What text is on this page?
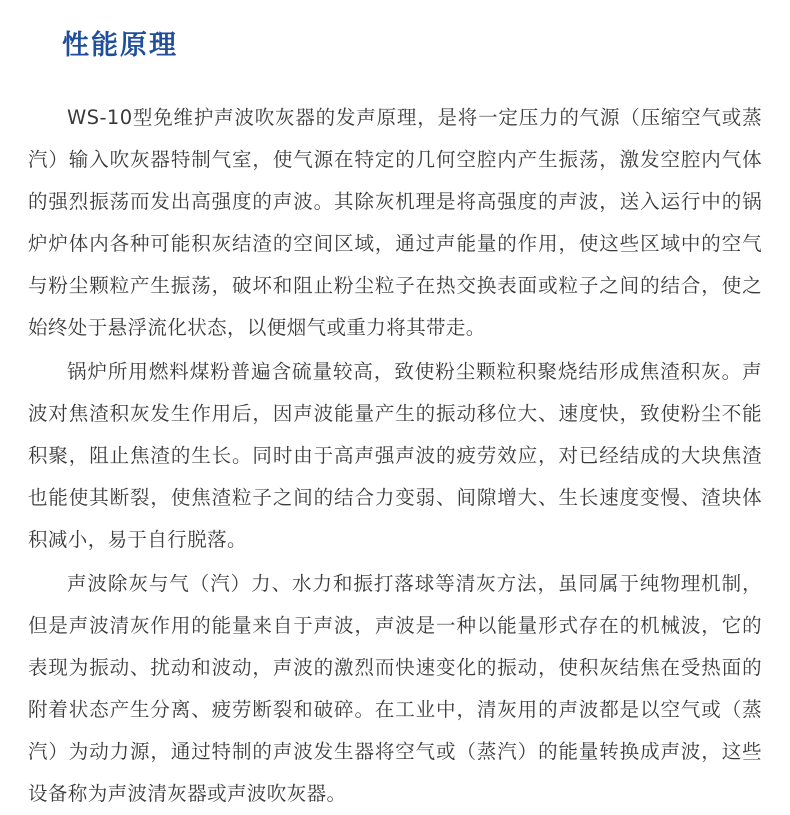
性能原理

WS-10型免维护声波吹灰器的发声原理，是将一定压力的气源（压缩空气或蒸汽）输入吹灰器特制气室，使气源在特定的几何空腔内产生振荡，激发空腔内气体的强烈振荡而发出高强度的声波。其除灰机理是将高强度的声波，送入运行中的锅炉炉体内各种可能积灰结渣的空间区域，通过声能量的作用，使这些区域中的空气与粉尘颗粒产生振荡，破坏和阻止粉尘粒子在热交换表面或粒子之间的结合，使之始终处于悬浮流化状态，以便烟气或重力将其带走。

锅炉所用燃料煤粉普遍含硫量较高，致使粉尘颗粒积聚烧结形成焦渣积灰。声波对焦渣积灰发生作用后，因声波能量产生的振动移位大、速度快，致使粉尘不能积聚，阻止焦渣的生长。同时由于高声强声波的疲劳效应，对已经结成的大块焦渣也能使其断裂，使焦渣粒子之间的结合力变弱、间隙增大、生长速度变慢、渣块体积减小，易于自行脱落。

声波除灰与气（汽）力、水力和振打落球等清灰方法，虽同属于纯物理机制，但是声波清灰作用的能量来自于声波，声波是一种以能量形式存在的机械波，它的表现为振动、扰动和波动，声波的激烈而快速变化的振动，使积灰结焦在受热面的附着状态产生分离、疲劳断裂和破碎。在工业中，清灰用的声波都是以空气或（蒸汽）为动力源，通过特制的声波发生器将空气或（蒸汽）的能量转换成声波，这些设备称为声波清灰器或声波吹灰器。
